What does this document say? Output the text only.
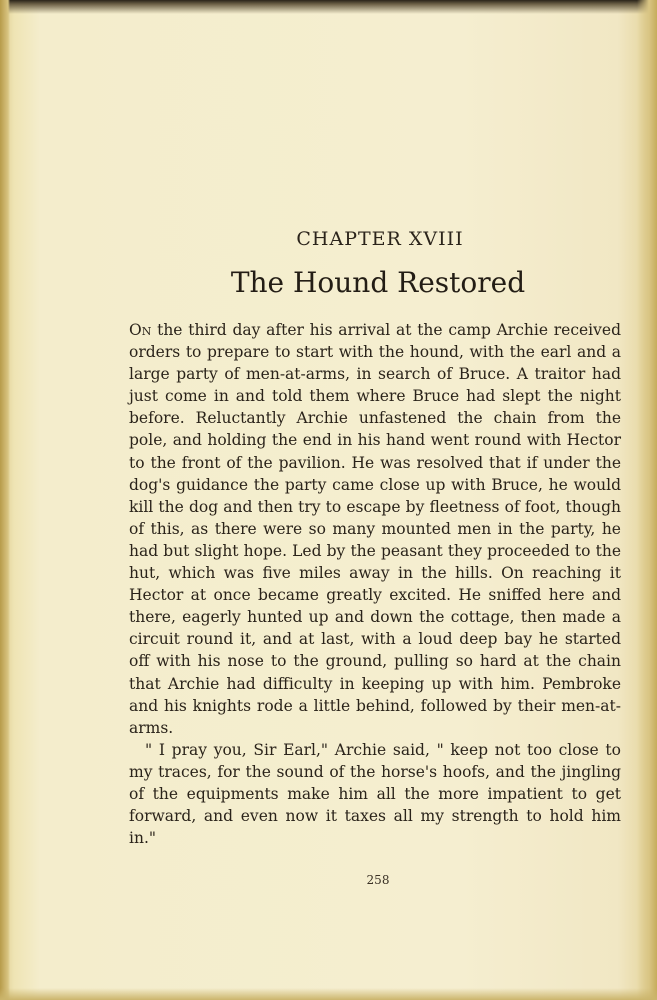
CHAPTER XVIII
The Hound Restored

On the third day after his arrival at the camp Archie received orders to prepare to start with the hound, with the earl and a large party of men-at-arms, in search of Bruce. A traitor had just come in and told them where Bruce had slept the night before. Reluctantly Archie unfastened the chain from the pole, and holding the end in his hand went round with Hector to the front of the pavilion. He was resolved that if under the dog's guidance the party came close up with Bruce, he would kill the dog and then try to escape by fleetness of foot, though of this, as there were so many mounted men in the party, he had but slight hope. Led by the peasant they proceeded to the hut, which was five miles away in the hills. On reaching it Hector at once became greatly excited. He sniffed here and there, eagerly hunted up and down the cottage, then made a circuit round it, and at last, with a loud deep bay he started off with his nose to the ground, pulling so hard at the chain that Archie had difficulty in keeping up with him. Pembroke and his knights rode a little behind, followed by their men-at-arms.

" I pray you, Sir Earl," Archie said, " keep not too close to my traces, for the sound of the horse's hoofs, and the jingling of the equipments make him all the more impatient to get forward, and even now it taxes all my strength to hold him in."

258
